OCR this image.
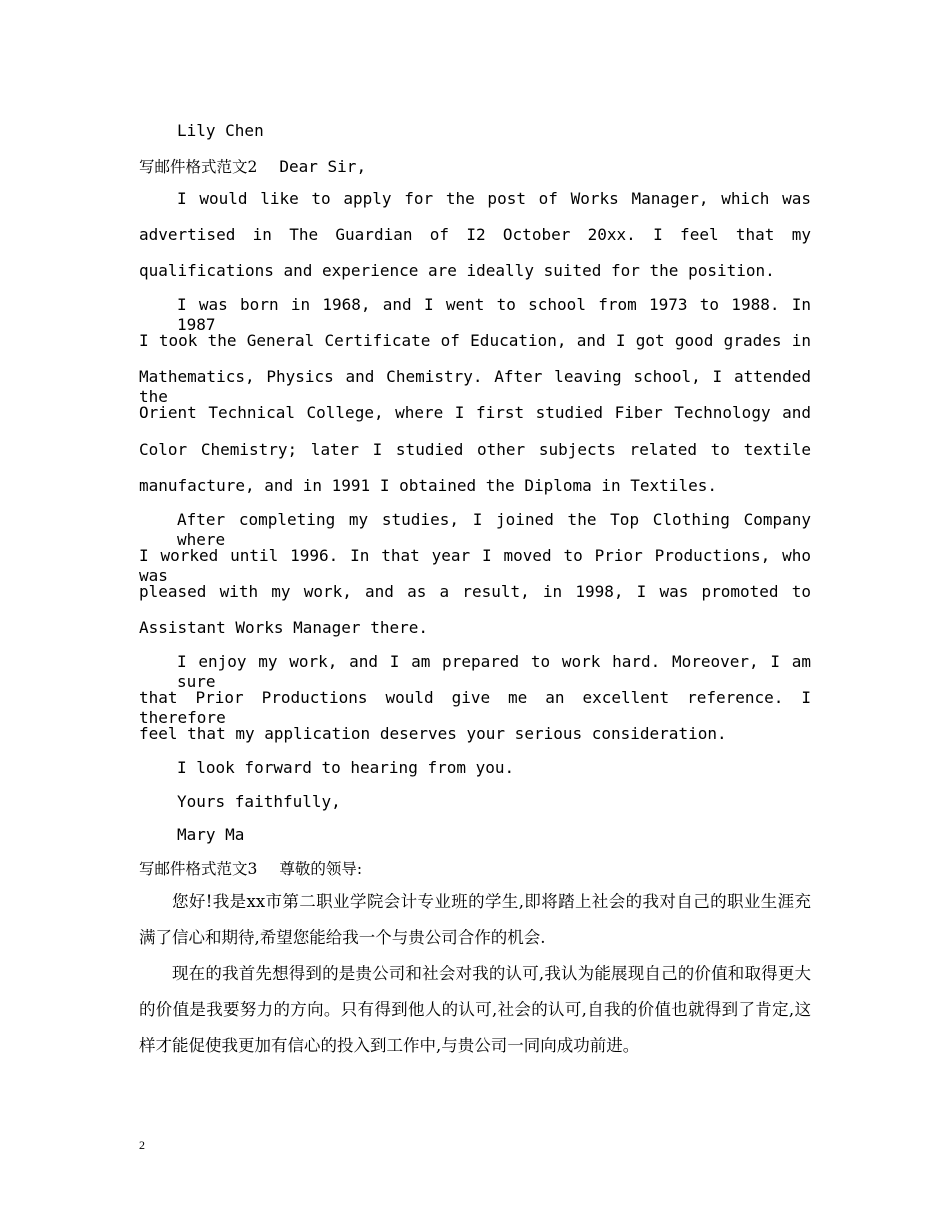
Lily Chen
写邮件格式范文2 Dear Sir,
I would like to apply for the post of Works Manager, which was
advertised in The Guardian of I2 October 20xx. I feel that my
qualifications and experience are ideally suited for the position.
I was born in 1968, and I went to school from 1973 to 1988. In 1987
I took the General Certificate of Education, and I got good grades in
Mathematics, Physics and Chemistry. After leaving school, I attended the
Orient Technical College, where I first studied Fiber Technology and
Color Chemistry; later I studied other subjects related to textile
manufacture, and in 1991 I obtained the Diploma in Textiles.
After completing my studies, I joined the Top Clothing Company where
I worked until 1996. In that year I moved to Prior Productions, who was
pleased with my work, and as a result, in 1998, I was promoted to
Assistant Works Manager there.
I enjoy my work, and I am prepared to work hard. Moreover, I am sure
that Prior Productions would give me an excellent reference. I therefore
feel that my application deserves your serious consideration.
I look forward to hearing from you.
Yours faithfully,
Mary Ma
写邮件格式范文3 尊敬的领导:
您好!我是xx市第二职业学院会计专业班的学生,即将踏上社会的我对自己的职业生涯充满了信心和期待,希望您能给我一个与贵公司合作的机会.
现在的我首先想得到的是贵公司和社会对我的认可,我认为能展现自己的价值和取得更大的价值是我要努力的方向。只有得到他人的认可,社会的认可,自我的价值也就得到了肯定,这样才能促使我更加有信心的投入到工作中,与贵公司一同向成功前进。
2
